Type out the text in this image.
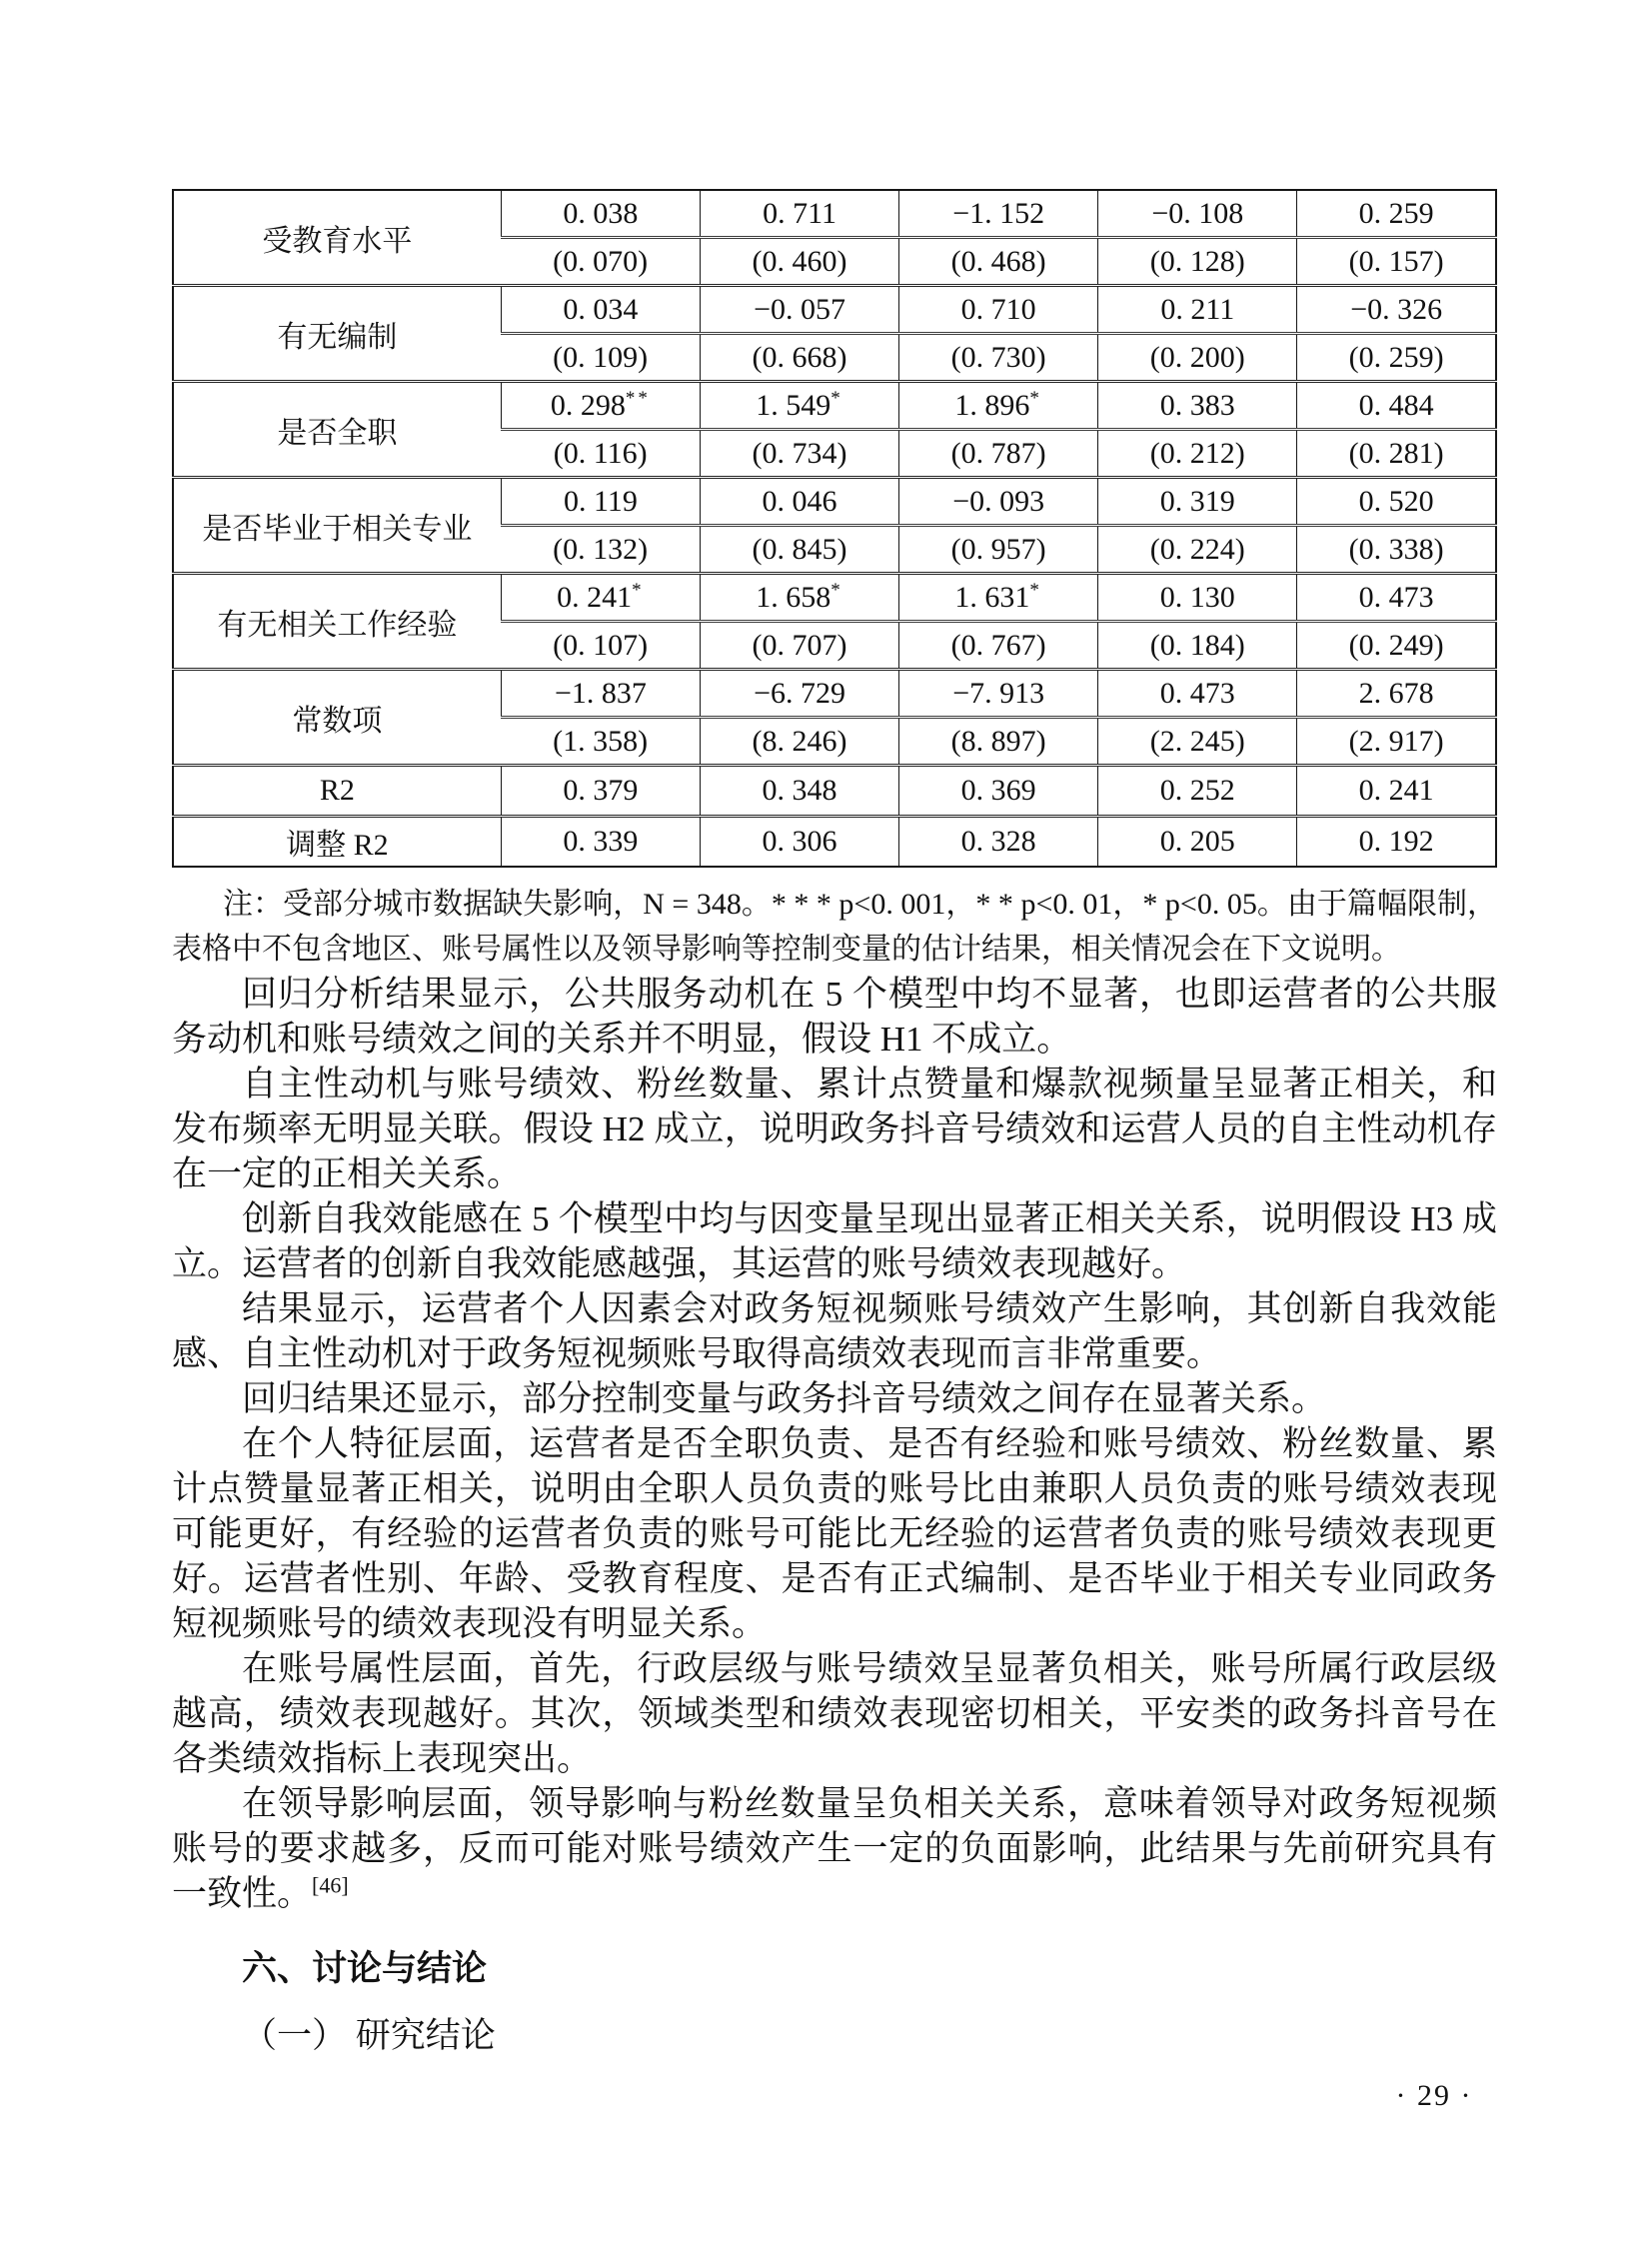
受教育水平	0. 038	0. 711	−1. 152	−0. 108	0. 259
	(0. 070)	(0. 460)	(0. 468)	(0. 128)	(0. 157)
有无编制	0. 034	−0. 057	0. 710	0. 211	−0. 326
	(0. 109)	(0. 668)	(0. 730)	(0. 200)	(0. 259)
是否全职	0. 298**	1. 549*	1. 896*	0. 383	0. 484
	(0. 116)	(0. 734)	(0. 787)	(0. 212)	(0. 281)
是否毕业于相关专业	0. 119	0. 046	−0. 093	0. 319	0. 520
	(0. 132)	(0. 845)	(0. 957)	(0. 224)	(0. 338)
有无相关工作经验	0. 241*	1. 658*	1. 631*	0. 130	0. 473
	(0. 107)	(0. 707)	(0. 767)	(0. 184)	(0. 249)
常数项	−1. 837	−6. 729	−7. 913	0. 473	2. 678
	(1. 358)	(8. 246)	(8. 897)	(2. 245)	(2. 917)
R2	0. 379	0. 348	0. 369	0. 252	0. 241
调整 R2	0. 339	0. 306	0. 328	0. 205	0. 192

注：受部分城市数据缺失影响，N = 348。* * * p<0. 001，* * p<0. 01，* p<0. 05。由于篇幅限制，表格中不包含地区、账号属性以及领导影响等控制变量的估计结果，相关情况会在下文说明。

回归分析结果显示，公共服务动机在 5 个模型中均不显著，也即运营者的公共服务动机和账号绩效之间的关系并不明显，假设 H1 不成立。

自主性动机与账号绩效、粉丝数量、累计点赞量和爆款视频量呈显著正相关，和发布频率无明显关联。假设 H2 成立，说明政务抖音号绩效和运营人员的自主性动机存在一定的正相关关系。

创新自我效能感在 5 个模型中均与因变量呈现出显著正相关关系，说明假设 H3 成立。运营者的创新自我效能感越强，其运营的账号绩效表现越好。

结果显示，运营者个人因素会对政务短视频账号绩效产生影响，其创新自我效能感、自主性动机对于政务短视频账号取得高绩效表现而言非常重要。

回归结果还显示，部分控制变量与政务抖音号绩效之间存在显著关系。

在个人特征层面，运营者是否全职负责、是否有经验和账号绩效、粉丝数量、累计点赞量显著正相关，说明由全职人员负责的账号比由兼职人员负责的账号绩效表现可能更好，有经验的运营者负责的账号可能比无经验的运营者负责的账号绩效表现更好。运营者性别、年龄、受教育程度、是否有正式编制、是否毕业于相关专业同政务短视频账号的绩效表现没有明显关系。

在账号属性层面，首先，行政层级与账号绩效呈显著负相关，账号所属行政层级越高，绩效表现越好。其次，领域类型和绩效表现密切相关，平安类的政务抖音号在各类绩效指标上表现突出。

在领导影响层面，领导影响与粉丝数量呈负相关关系，意味着领导对政务短视频账号的要求越多，反而可能对账号绩效产生一定的负面影响，此结果与先前研究具有一致性。[46]

六、讨论与结论
（一） 研究结论
· 29 ·
